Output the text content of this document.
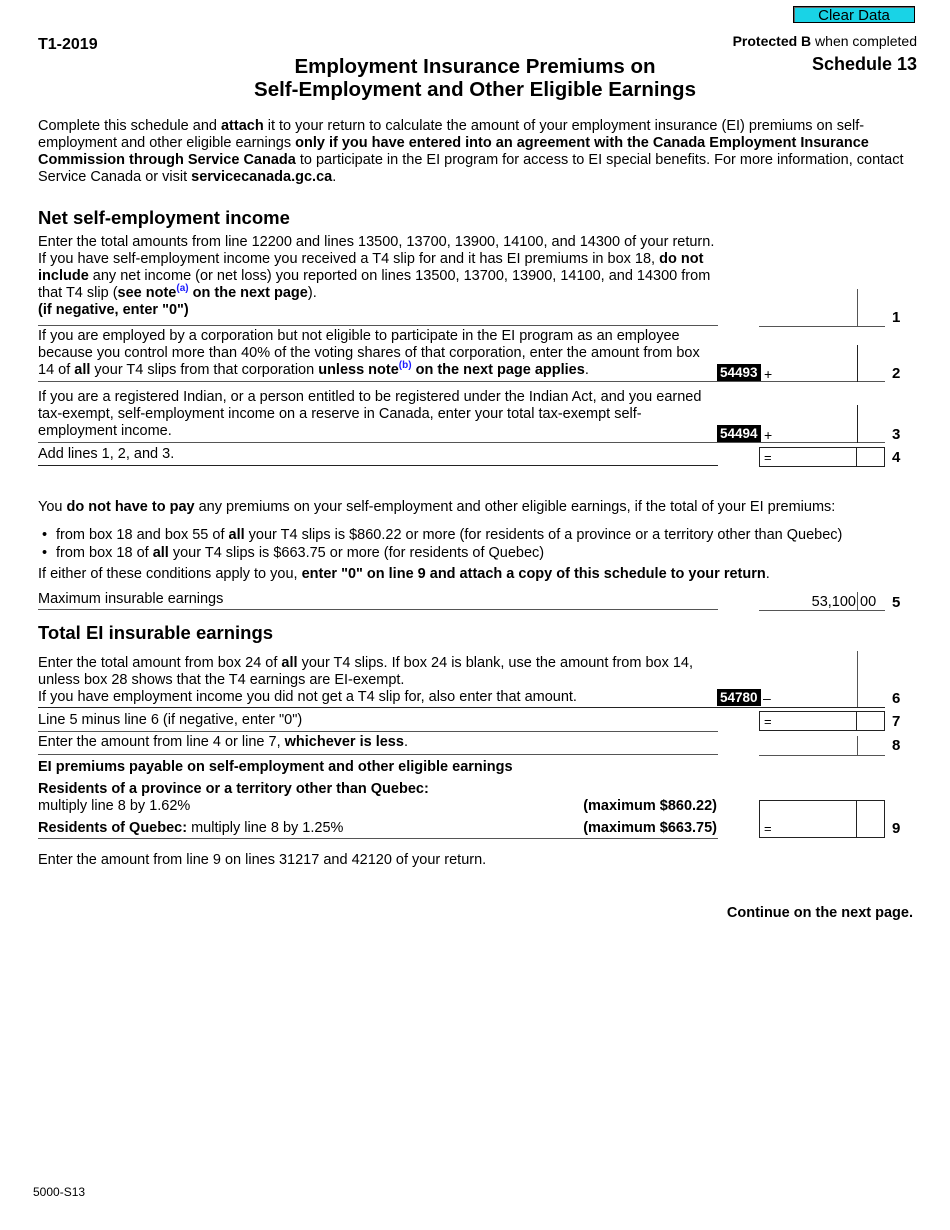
Clear Data
T1-2019	Protected B when completed
Schedule 13
Employment Insurance Premiums on
Self-Employment and Other Eligible Earnings
Complete this schedule and attach it to your return to calculate the amount of your employment insurance (EI) premiums on self-employment and other eligible earnings only if you have entered into an agreement with the Canada Employment Insurance Commission through Service Canada to participate in the EI program for access to EI special benefits. For more information, contact Service Canada or visit servicecanada.gc.ca.
Net self-employment income
Enter the total amounts from line 12200 and lines 13500, 13700, 13900, 14100, and 14300 of your return. If you have self-employment income you received a T4 slip for and it has EI premiums in box 18, do not include any net income (or net loss) you reported on lines 13500, 13700, 13900, 14100, and 14300 from that T4 slip (see note$^{(a)}$ on the next page).
(if negative, enter "0")	1
If you are employed by a corporation but not eligible to participate in the EI program as an employee because you control more than 40% of the voting shares of that corporation, enter the amount from box 14 of all your T4 slips from that corporation unless note$^{(b)}$ on the next page applies.	54493 +	2
If you are a registered Indian, or a person entitled to be registered under the Indian Act, and you earned tax-exempt, self-employment income on a reserve in Canada, enter your total tax-exempt self-employment income.	54494 +	3
Add lines 1, 2, and 3.	=	4
You do not have to pay any premiums on your self-employment and other eligible earnings, if the total of your EI premiums:
• from box 18 and box 55 of all your T4 slips is $860.22 or more (for residents of a province or a territory other than Quebec)
• from box 18 of all your T4 slips is $663.75 or more (for residents of Quebec)
If either of these conditions apply to you, enter "0" on line 9 and attach a copy of this schedule to your return.
Maximum insurable earnings	53,100 00 5
Total EI insurable earnings
Enter the total amount from box 24 of all your T4 slips. If box 24 is blank, use the amount from box 14, unless box 28 shows that the T4 earnings are EI-exempt.
If you have employment income you did not get a T4 slip for, also enter that amount.	54780 –	6
Line 5 minus line 6 (if negative, enter "0")	=	7
Enter the amount from line 4 or line 7, whichever is less.	8
EI premiums payable on self-employment and other eligible earnings
Residents of a province or a territory other than Quebec:
multiply line 8 by 1.62%	(maximum $860.22)
Residents of Quebec: multiply line 8 by 1.25%	(maximum $663.75)	=	9
Enter the amount from line 9 on lines 31217 and 42120 of your return.
Continue on the next page.
5000-S13
